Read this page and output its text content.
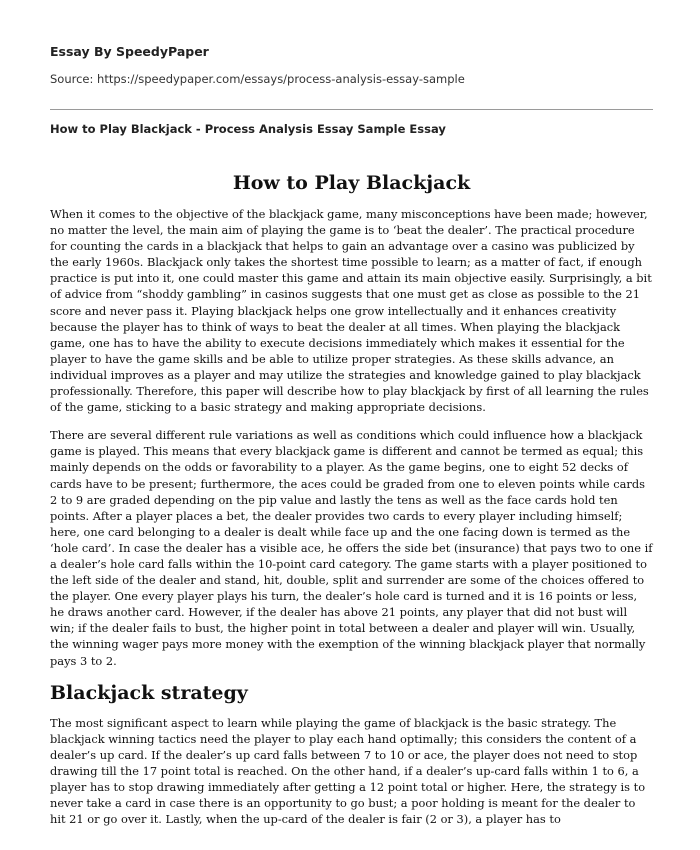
Essay By SpeedyPaper

Source: https://speedypaper.com/essays/process-analysis-essay-sample

How to Play Blackjack - Process Analysis Essay Sample Essay

How to Play Blackjack

When it comes to the objective of the blackjack game, many misconceptions have been made; however, no matter the level, the main aim of playing the game is to ‘beat the dealer’. The practical procedure for counting the cards in a blackjack that helps to gain an advantage over a casino was publicized by the early 1960s. Blackjack only takes the shortest time possible to learn; as a matter of fact, if enough practice is put into it, one could master this game and attain its main objective easily. Surprisingly, a bit of advice from “shoddy gambling” in casinos suggests that one must get as close as possible to the 21 score and never pass it. Playing blackjack helps one grow intellectually and it enhances creativity because the player has to think of ways to beat the dealer at all times. When playing the blackjack game, one has to have the ability to execute decisions immediately which makes it essential for the player to have the game skills and be able to utilize proper strategies. As these skills advance, an individual improves as a player and may utilize the strategies and knowledge gained to play blackjack professionally. Therefore, this paper will describe how to play blackjack by first of all learning the rules of the game, sticking to a basic strategy and making appropriate decisions.

There are several different rule variations as well as conditions which could influence how a blackjack game is played. This means that every blackjack game is different and cannot be termed as equal; this mainly depends on the odds or favorability to a player. As the game begins, one to eight 52 decks of cards have to be present; furthermore, the aces could be graded from one to eleven points while cards 2 to 9 are graded depending on the pip value and lastly the tens as well as the face cards hold ten points. After a player places a bet, the dealer provides two cards to every player including himself; here, one card belonging to a dealer is dealt while face up and the one facing down is termed as the ‘hole card’. In case the dealer has a visible ace, he offers the side bet (insurance) that pays two to one if a dealer’s hole card falls within the 10-point card category. The game starts with a player positioned to the left side of the dealer and stand, hit, double, split and surrender are some of the choices offered to the player. One every player plays his turn, the dealer’s hole card is turned and it is 16 points or less, he draws another card. However, if the dealer has above 21 points, any player that did not bust will win; if the dealer fails to bust, the higher point in total between a dealer and player will win. Usually, the winning wager pays more money with the exemption of the winning blackjack player that normally pays 3 to 2.

Blackjack strategy

The most significant aspect to learn while playing the game of blackjack is the basic strategy. The blackjack winning tactics need the player to play each hand optimally; this considers the content of a dealer’s up card. If the dealer’s up card falls between 7 to 10 or ace, the player does not need to stop drawing till the 17 point total is reached. On the other hand, if a dealer’s up-card falls within 1 to 6, a player has to stop drawing immediately after getting a 12 point total or higher. Here, the strategy is to never take a card in case there is an opportunity to go bust; a poor holding is meant for the dealer to hit 21 or go over it. Lastly, when the up-card of the dealer is fair (2 or 3), a player has to
